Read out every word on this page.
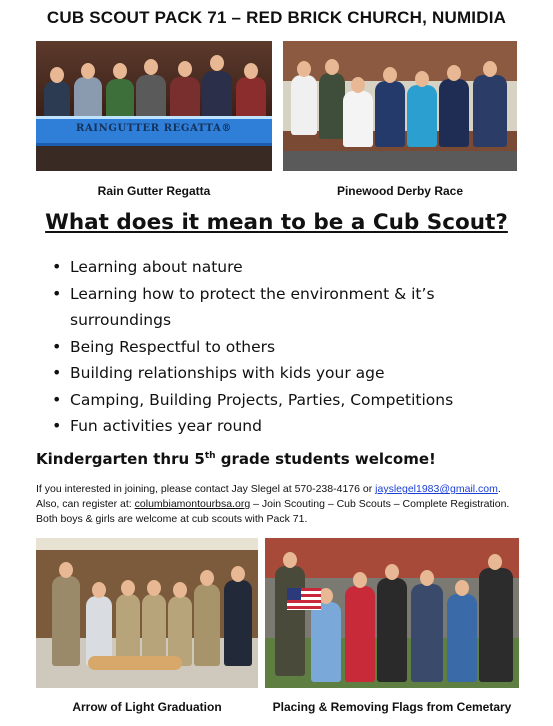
CUB SCOUT PACK 71 – RED BRICK CHURCH, NUMIDIA
RAINGUTTER REGATTA®
Rain Gutter Regatta	Pinewood Derby Race
What does it mean to be a Cub Scout?
• Learning about nature
• Learning how to protect the environment & it’s surroundings
• Being Respectful to others
• Building relationships with kids your age
• Camping, Building Projects, Parties, Competitions
• Fun activities year round
Kindergarten thru 5th grade students welcome!
If you interested in joining, please contact Jay Slegel at 570-238-4176 or jayslegel1983@gmail.com.
Also, can register at: columbiamontourbsa.org – Join Scouting – Cub Scouts – Complete Registration.
Both boys & girls are welcome at cub scouts with Pack 71.
Arrow of Light Graduation	Placing & Removing Flags from Cemetary
